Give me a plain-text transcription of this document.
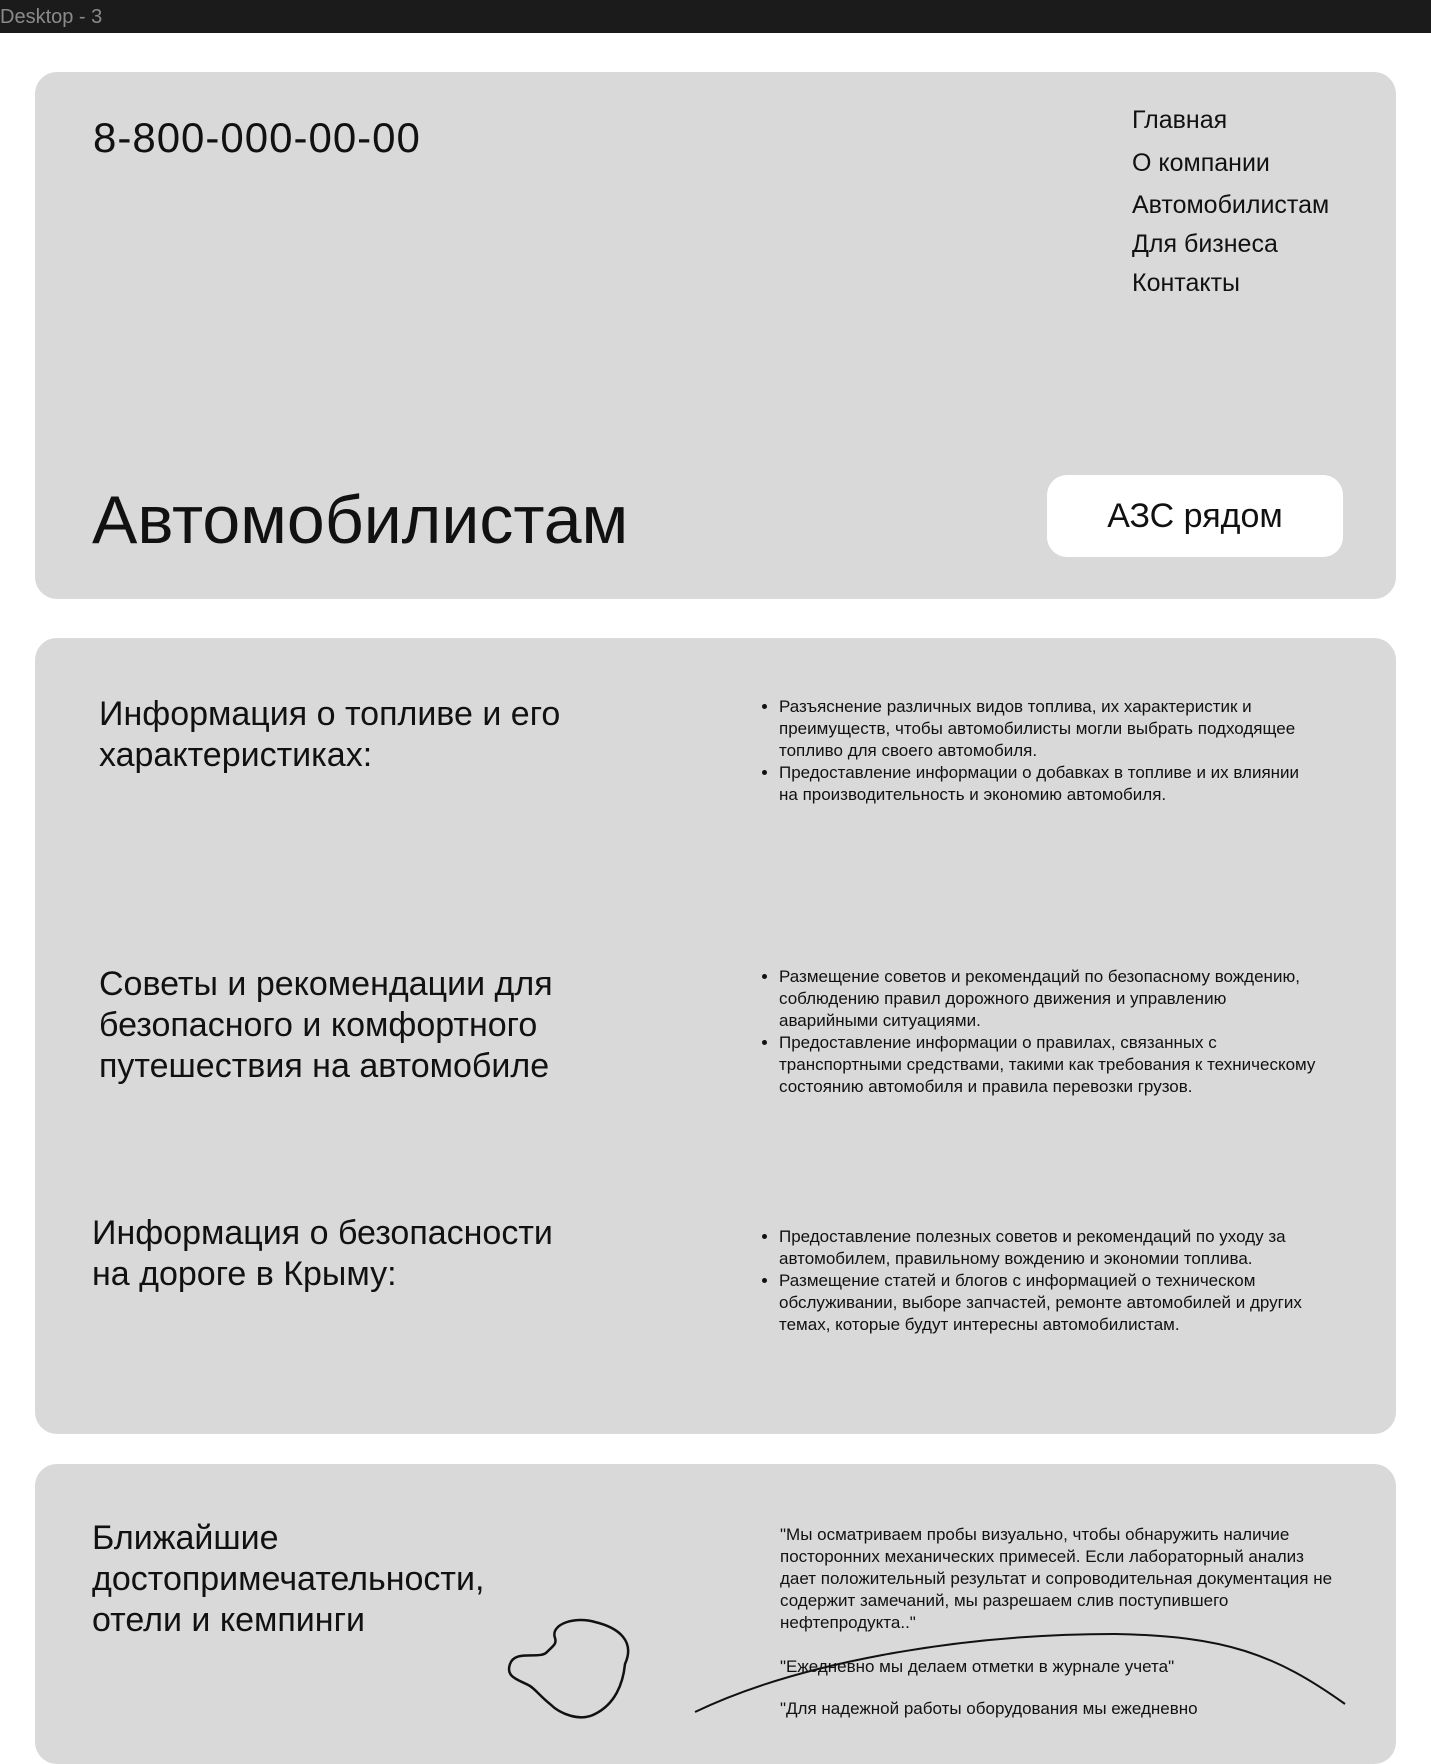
Desktop - 3
8-800-000-00-00	Главная
О компании
Автомобилистам
Для бизнеса
Контакты
Автомобилистам	АЗС рядом
Информация о топливе и его характеристиках:
• Разъяснение различных видов топлива, их характеристик и преимуществ, чтобы автомобилисты могли выбрать подходящее топливо для своего автомобиля.
• Предоставление информации о добавках в топливе и их влиянии на производительность и экономию автомобиля.
Советы и рекомендации для безопасного и комфортного путешествия на автомобиле
• Размещение советов и рекомендаций по безопасному вождению, соблюдению правил дорожного движения и управлению аварийными ситуациями.
• Предоставление информации о правилах, связанных с транспортными средствами, такими как требования к техническому состоянию автомобиля и правила перевозки грузов.
Информация о безопасности на дороге в Крыму:
• Предоставление полезных советов и рекомендаций по уходу за автомобилем, правильному вождению и экономии топлива.
• Размещение статей и блогов с информацией о техническом обслуживании, выборе запчастей, ремонте автомобилей и других темах, которые будут интересны автомобилистам.
Ближайшие достопримечательности, отели и кемпинги
"Мы осматриваем пробы визуально, чтобы обнаружить наличие посторонних механических примесей. Если лабораторный анализ дает положительный результат и сопроводительная документация не содержит замечаний, мы разрешаем слив поступившего нефтепродукта.."
"Ежедневно мы делаем отметки в журнале учета"
"Для надежной работы оборудования мы ежедневно
